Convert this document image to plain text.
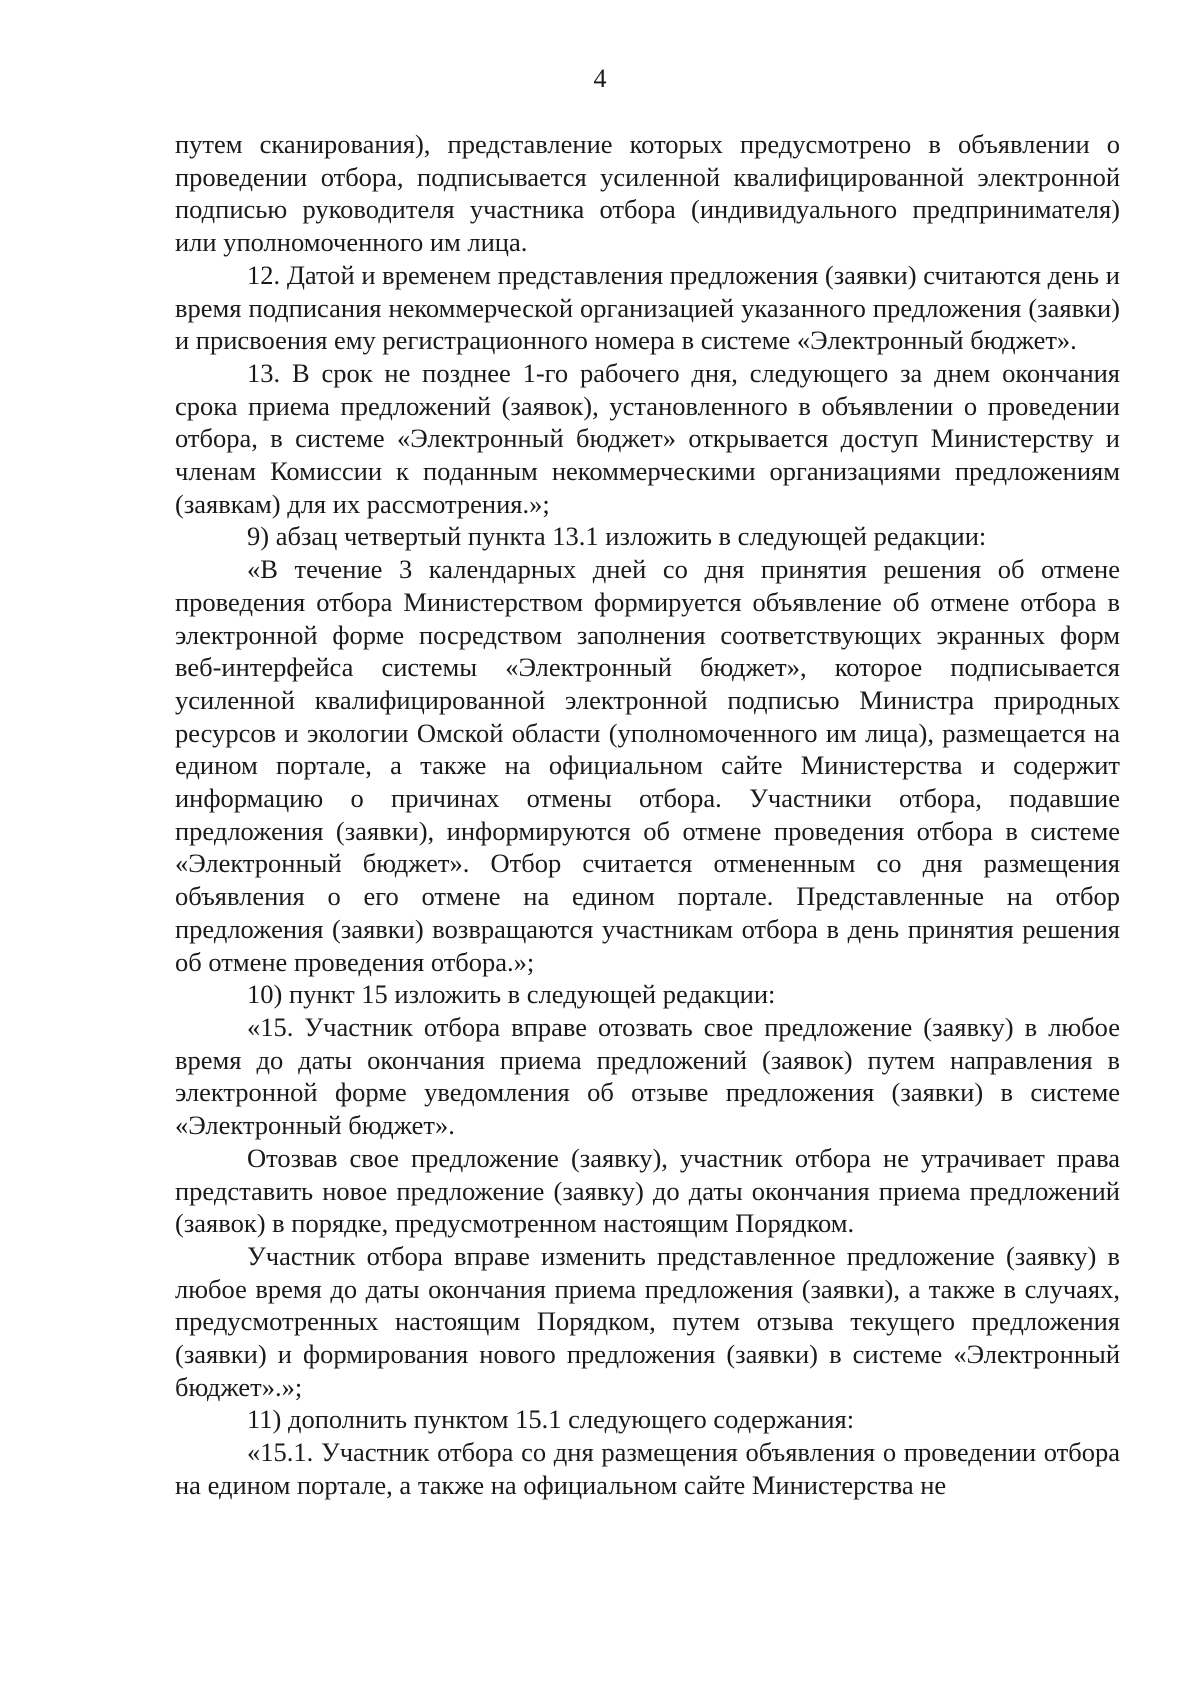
4

путем сканирования), представление которых предусмотрено в объявлении о проведении отбора, подписывается усиленной квалифицированной электронной подписью руководителя участника отбора (индивидуального предпринимателя) или уполномоченного им лица.

12. Датой и временем представления предложения (заявки) считаются день и время подписания некоммерческой организацией указанного предложения (заявки) и присвоения ему регистрационного номера в системе «Электронный бюджет».

13. В срок не позднее 1-го рабочего дня, следующего за днем окончания срока приема предложений (заявок), установленного в объявлении о проведении отбора, в системе «Электронный бюджет» открывается доступ Министерству и членам Комиссии к поданным некоммерческими организациями предложениям (заявкам) для их рассмотрения.»;

9) абзац четвертый пункта 13.1 изложить в следующей редакции:

«В течение 3 календарных дней со дня принятия решения об отмене проведения отбора Министерством формируется объявление об отмене отбора в электронной форме посредством заполнения соответствующих экранных форм веб-интерфейса системы «Электронный бюджет», которое подписывается усиленной квалифицированной электронной подписью Министра природных ресурсов и экологии Омской области (уполномоченного им лица), размещается на едином портале, а также на официальном сайте Министерства и содержит информацию о причинах отмены отбора. Участники отбора, подавшие предложения (заявки), информируются об отмене проведения отбора в системе «Электронный бюджет». Отбор считается отмененным со дня размещения объявления о его отмене на едином портале. Представленные на отбор предложения (заявки) возвращаются участникам отбора в день принятия решения об отмене проведения отбора.»;

10) пункт 15 изложить в следующей редакции:

«15. Участник отбора вправе отозвать свое предложение (заявку) в любое время до даты окончания приема предложений (заявок) путем направления в электронной форме уведомления об отзыве предложения (заявки) в системе «Электронный бюджет».

Отозвав свое предложение (заявку), участник отбора не утрачивает права представить новое предложение (заявку) до даты окончания приема предложений (заявок) в порядке, предусмотренном настоящим Порядком.

Участник отбора вправе изменить представленное предложение (заявку) в любое время до даты окончания приема предложения (заявки), а также в случаях, предусмотренных настоящим Порядком, путем отзыва текущего предложения (заявки) и формирования нового предложения (заявки) в системе «Электронный бюджет».»;

11) дополнить пунктом 15.1 следующего содержания:

«15.1. Участник отбора со дня размещения объявления о проведении отбора на едином портале, а также на официальном сайте Министерства не
